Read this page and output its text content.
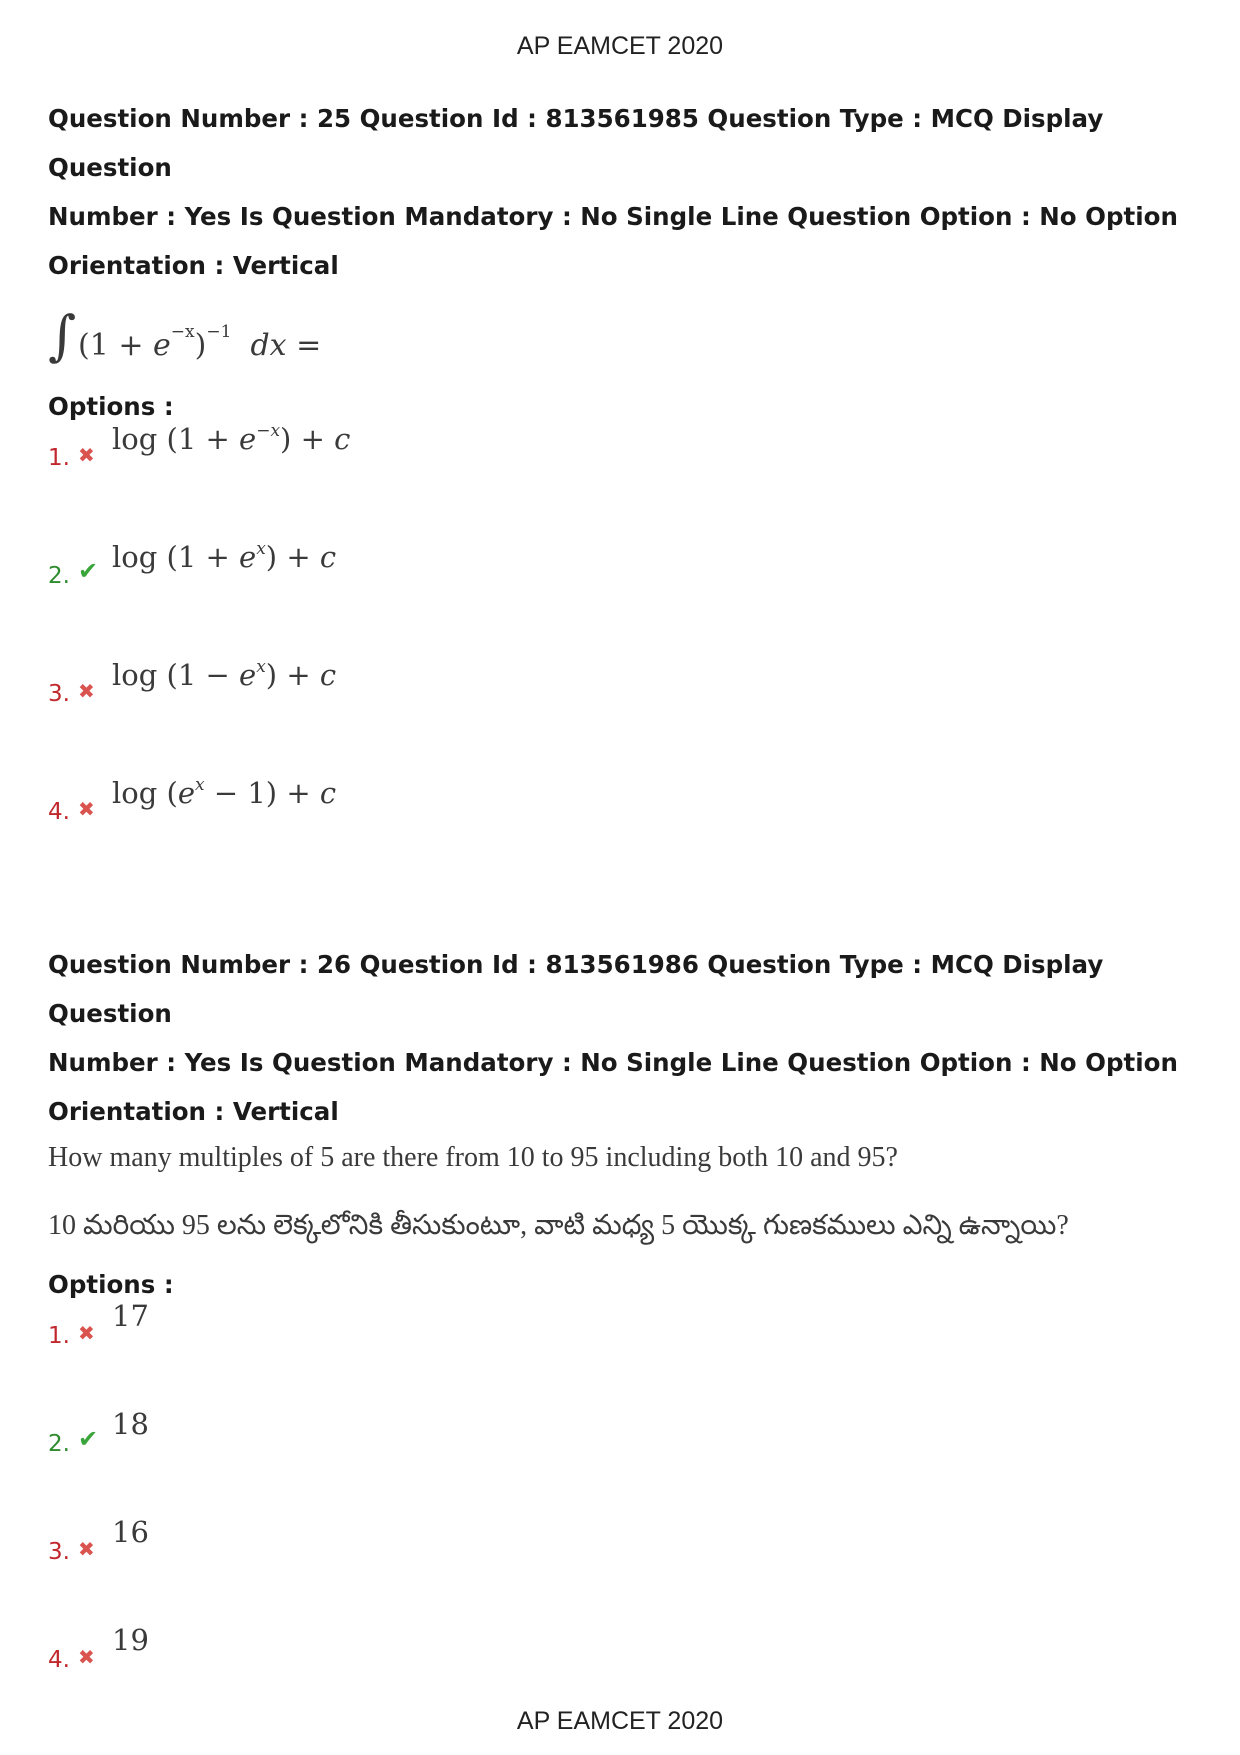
AP EAMCET 2020
Question Number : 25 Question Id : 813561985 Question Type : MCQ Display Question
Number : Yes Is Question Mandatory : No Single Line Question Option : No Option
Orientation : Vertical
∫ $(1 + e^{-x})^{-1}$  dx =
Options :
1. ✖ $\log (1 + e^{-x}) + c$
2. ✔ $\log (1 + e^x) + c$
3. ✖ $\log (1 - e^x) + c$
4. ✖ $\log (e^x - 1) + c$
Question Number : 26 Question Id : 813561986 Question Type : MCQ Display Question
Number : Yes Is Question Mandatory : No Single Line Question Option : No Option
Orientation : Vertical
How many multiples of 5 are there from 10 to 95 including both 10 and 95?
10 మరియు 95 లను లెక్కలోనికి తీసుకుంటూ, వాటి మధ్య 5 యొక్క గుణకములు ఎన్ని ఉన్నాయి?
Options :
1. ✖ 17
2. ✔ 18
3. ✖ 16
4. ✖ 19
AP EAMCET 2020
